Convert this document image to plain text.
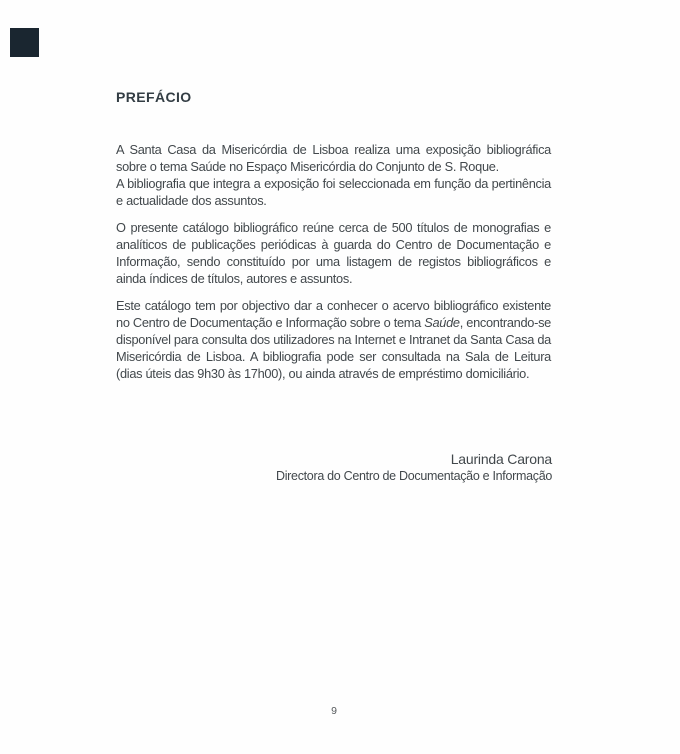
PREFÁCIO

A Santa Casa da Misericórdia de Lisboa realiza uma exposição bibliográfica sobre o tema Saúde no Espaço Misericórdia do Conjunto de S. Roque.

A bibliografia que integra a exposição foi seleccionada em função da pertinência e actualidade dos assuntos.

O presente catálogo bibliográfico reúne cerca de 500 títulos de monografias e analíticos de publicações periódicas à guarda do Centro de Documentação e Informação, sendo constituído por uma listagem de registos bibliográficos e ainda índices de títulos, autores e assuntos.

Este catálogo tem por objectivo dar a conhecer o acervo bibliográfico existente no Centro de Documentação e Informação sobre o tema Saúde, encontrando-se disponível para consulta dos utilizadores na Internet e Intranet da Santa Casa da Misericórdia de Lisboa. A bibliografia pode ser consultada na Sala de Leitura (dias úteis das 9h30 às 17h00), ou ainda através de empréstimo domiciliário.

Laurinda Carona
Directora do Centro de Documentação e Informação
9
